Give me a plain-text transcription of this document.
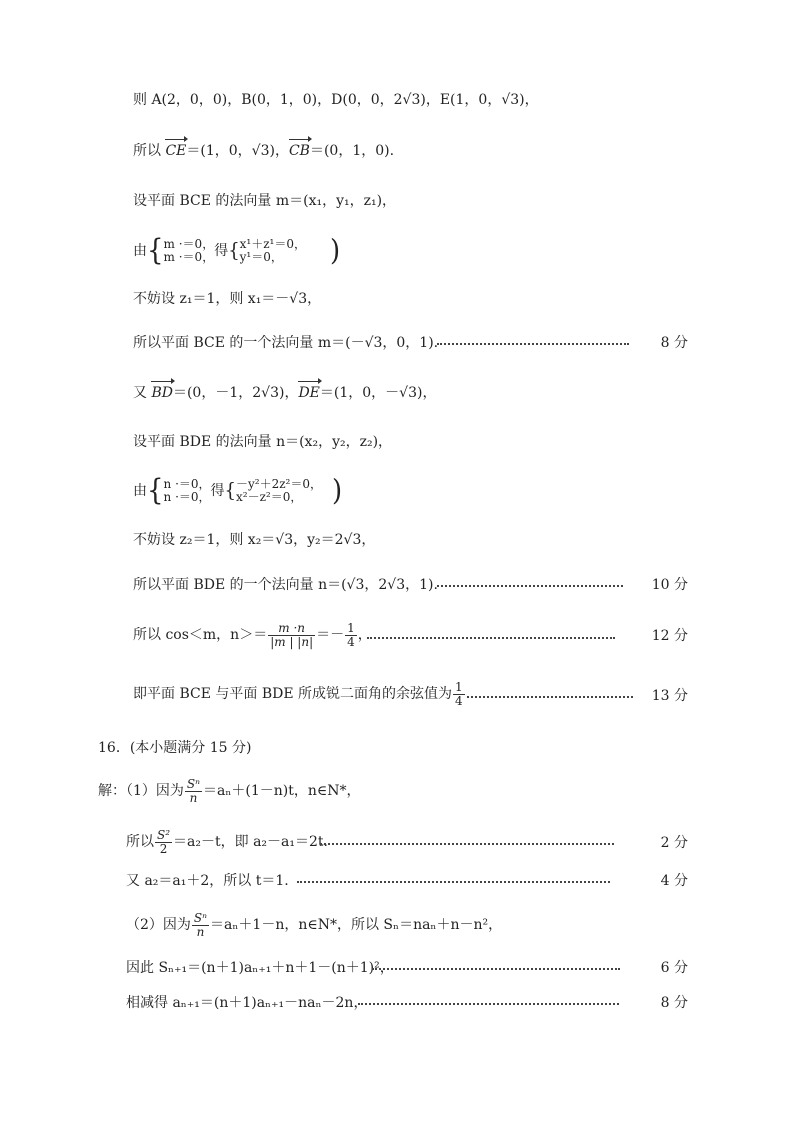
则 A(2，0，0)，B(0，1，0)，D(0，0，2√3)，E(1，0，√3)，
所以 CE＝(1，0，√3)，CB＝(0，1，0).
设平面 BCE 的法向量 m＝(x₁，y₁，z₁)，
由{ m ·＝0，
m ·＝0， 得{ x¹＋z¹＝0，
y¹＝0，	)
不妨设 z₁＝1，则 x₁＝－√3，
所以平面 BCE 的一个法向量 m＝(－√3，0，1).	8 分
又 BD＝(0，－1，2√3)，DE＝(1，0，－√3)，
设平面 BDE 的法向量 n＝(x₂，y₂，z₂)，
由{ n ·＝0，
n ·＝0， 得{ －y²＋2z²＝0，
x²－z²＝0，	)
不妨设 z₂＝1，则 x₂＝√3，y₂＝2√3，
所以平面 BDE 的一个法向量 n＝(√3，2√3，1).	10 分
所以 cos＜m，$n>= \frac{m \cdot n}{|m | |n|} =- \frac{1}{4}$ ，	12 分
即平面 BCE 与平面 BDE 所成锐二面角的余弦值为 $\frac{1}{4}$ .	13 分
16．(本小题满分 15 分)
解：（1）因为 $\frac{\text{Sⁿ}}{n} =a_n+(1-n)t$，n∈N*，
所以 $\frac{\text{S²}}{2} =a_2-t$，即 a₂－a₁＝2t.	2 分
又 a₂＝a₁＋2，所以 t＝1.	4 分
（2）因为 $\frac{\text{Sⁿ}}{n} =a_n+1-n$，n∈N*，所以 Sₙ＝naₙ＋n－n²，
因此 Sₙ₊₁＝(n＋1)aₙ₊₁＋n＋1－(n＋1)²，	6 分
相减得 aₙ₊₁＝(n＋1)aₙ₊₁－naₙ－2n，	8 分
